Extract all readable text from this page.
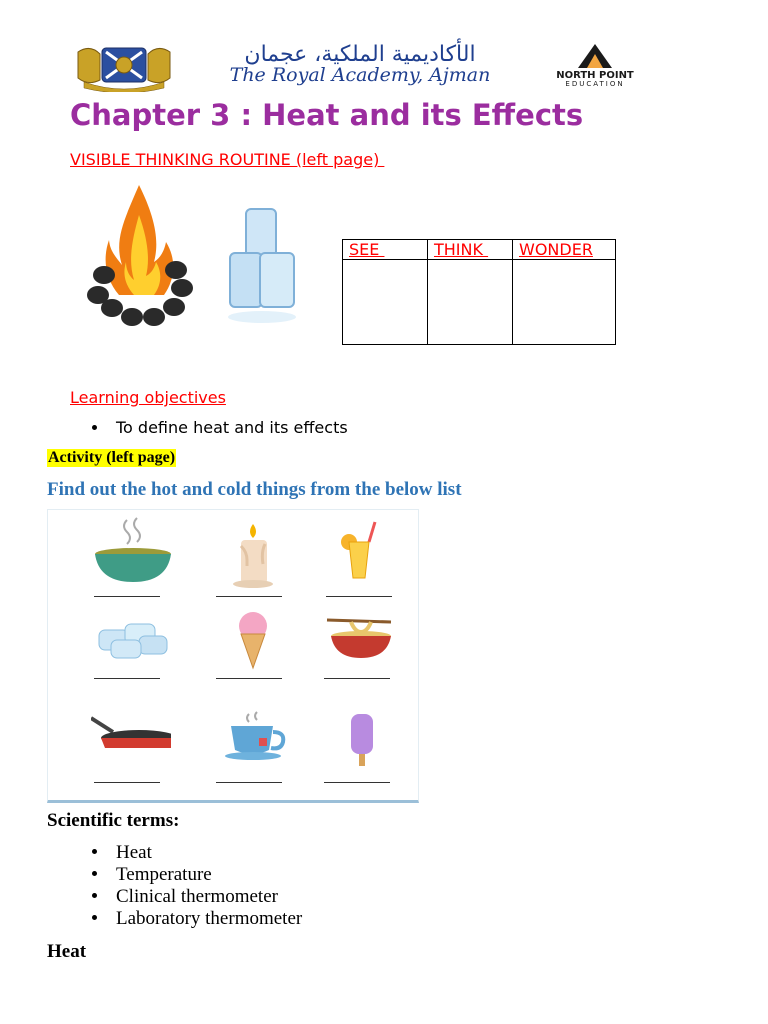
الأكاديمية الملكية، عجمان
The Royal Academy, Ajman	NORTH POINT
EDUCATION
Chapter 3 : Heat and its Effects
VISIBLE THINKING ROUTINE (left page)
SEE	THINK	WONDER

Learning objectives
To define heat and its effects
Activity (left page)
Find out the hot and cold things from the below list
Scientific terms:
Heat
Temperature
Clinical thermometer
Laboratory thermometer
Heat
